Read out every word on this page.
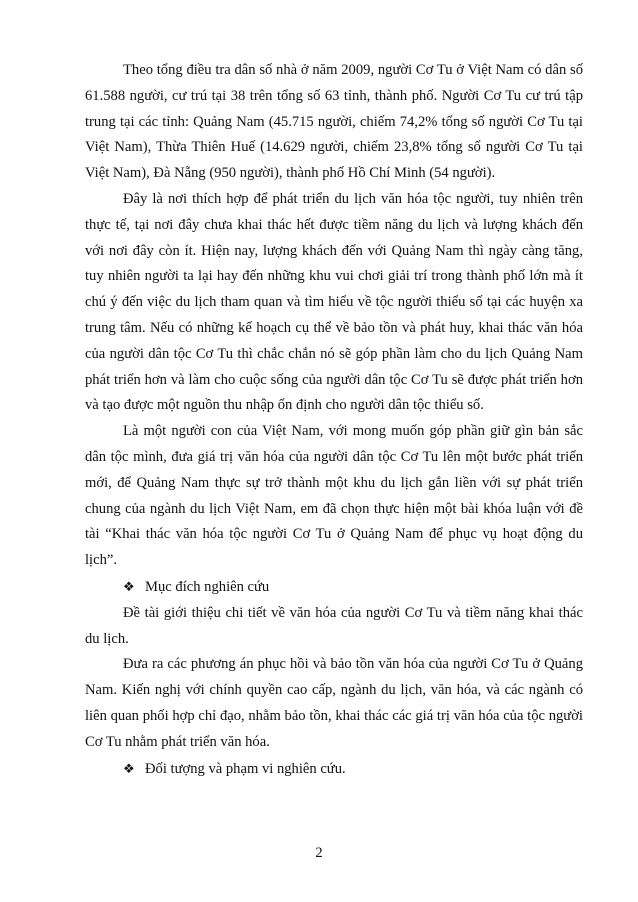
Theo tổng điều tra dân số nhà ở năm 2009, người Cơ Tu ở Việt Nam có dân số 61.588 người, cư trú tại 38 trên tổng số 63 tỉnh, thành phố. Người Cơ Tu cư trú tập trung tại các tỉnh: Quảng Nam (45.715 người, chiếm 74,2% tổng số người Cơ Tu tại Việt Nam), Thừa Thiên Huế (14.629 người, chiếm 23,8% tổng số người Cơ Tu tại Việt Nam), Đà Nẵng (950 người), thành phố Hồ Chí Minh (54 người).

Đây là nơi thích hợp để phát triển du lịch văn hóa tộc người, tuy nhiên trên thực tế, tại nơi đây chưa khai thác hết được tiềm năng du lịch và lượng khách đến với nơi đây còn ít. Hiện nay, lượng khách đến với Quảng Nam thì ngày càng tăng, tuy nhiên người ta lại hay đến những khu vui chơi giải trí trong thành phố lớn mà ít chú ý đến việc du lịch tham quan và tìm hiểu về tộc người thiểu số tại các huyện xa trung tâm. Nếu có những kế hoạch cụ thể về bảo tồn và phát huy, khai thác văn hóa của người dân tộc Cơ Tu thì chắc chắn nó sẽ góp phần làm cho du lịch Quảng Nam phát triển hơn và làm cho cuộc sống của người dân tộc Cơ Tu sẽ được phát triển hơn và tạo được một nguồn thu nhập ổn định cho người dân tộc thiểu số.

Là một người con của Việt Nam, với mong muốn góp phần giữ gìn bản sắc dân tộc mình, đưa giá trị văn hóa của người dân tộc Cơ Tu lên một bước phát triển mới, để Quảng Nam thực sự trở thành một khu du lịch gắn liền với sự phát triển chung của ngành du lịch Việt Nam, em đã chọn thực hiện một bài khóa luận với đề tài “Khai thác văn hóa tộc người Cơ Tu ở Quảng Nam để phục vụ hoạt động du lịch”.

❖ Mục đích nghiên cứu

Đề tài giới thiệu chi tiết về văn hóa của người Cơ Tu và tiềm năng khai thác du lịch.

Đưa ra các phương án phục hồi và bảo tồn văn hóa của người Cơ Tu ở Quảng Nam. Kiến nghị với chính quyền cao cấp, ngành du lịch, văn hóa, và các ngành có liên quan phối hợp chỉ đạo, nhằm bảo tồn, khai thác các giá trị văn hóa của tộc người Cơ Tu nhằm phát triển văn hóa.

❖ Đối tượng và phạm vi nghiên cứu.
2
